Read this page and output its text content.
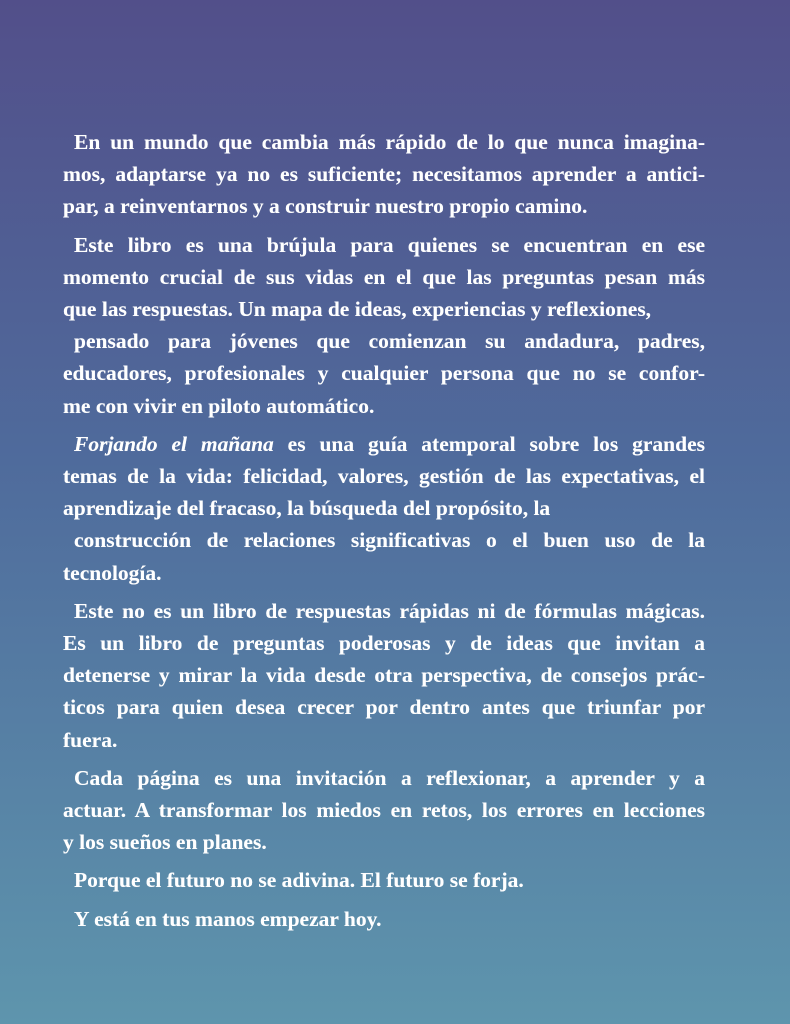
En un mundo que cambia más rápido de lo que nunca imagina-
mos, adaptarse ya no es suficiente; necesitamos aprender a antici-
par, a reinventarnos y a construir nuestro propio camino.
Este libro es una brújula para quienes se encuentran en ese
momento crucial de sus vidas en el que las preguntas pesan más
que las respuestas. Un mapa de ideas, experiencias y reflexiones,
pensado para jóvenes que comienzan su andadura, padres,
educadores, profesionales y cualquier persona que no se confor-
me con vivir en piloto automático.
Forjando el mañana es una guía atemporal sobre los grandes
temas de la vida: felicidad, valores, gestión de las expectativas, el
aprendizaje del fracaso, la búsqueda del propósito, la
construcción de relaciones significativas o el buen uso de la
tecnología.
Este no es un libro de respuestas rápidas ni de fórmulas mágicas.
Es un libro de preguntas poderosas y de ideas que invitan a
detenerse y mirar la vida desde otra perspectiva, de consejos prác-
ticos para quien desea crecer por dentro antes que triunfar por
fuera.
Cada página es una invitación a reflexionar, a aprender y a
actuar. A transformar los miedos en retos, los errores en lecciones
y los sueños en planes.
Porque el futuro no se adivina. El futuro se forja.
Y está en tus manos empezar hoy.
